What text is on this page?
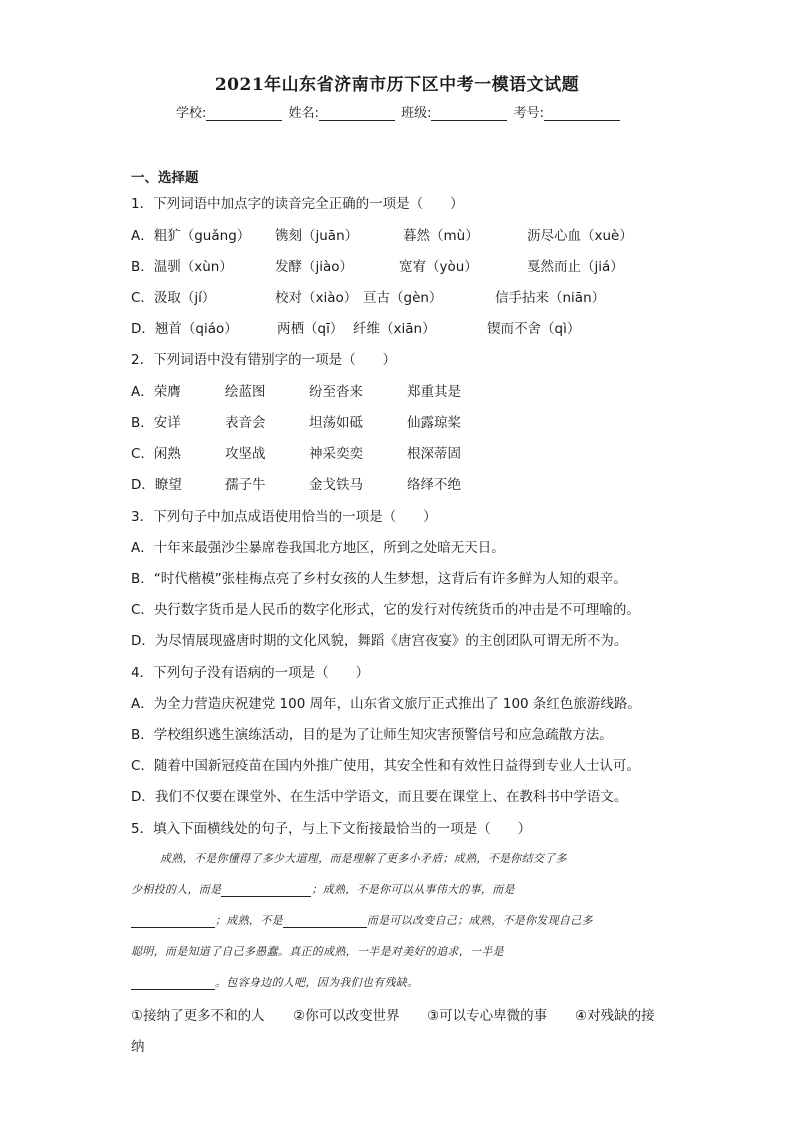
2021年山东省济南市历下区中考一模语文试题
学校:	姓名:	班级:	考号:
一、选择题
1．下列词语中加点字的读音完全正确的一项是（　　）
A．粗犷（guǎng） 镌刻（juān）	暮然（mù）	沥尽心血（xuè）
B．温驯（xùn）	发酵（jiào）	宽宥（yòu）	戛然而止（jiá）
C．汲取（jí）	校对（xiào） 亘古（gèn）	信手拈来（niān）
D．翘首（qiáo）	两栖（qī） 纤维（xiān）	锲而不舍（qì）
2．下列词语中没有错别字的一项是（　　）
A．荣膺	绘蓝图	纷至沓来	郑重其是
B．安详	表音会	坦荡如砥	仙露琼桨
C．闲熟	攻坚战	神采奕奕	根深蒂固
D．瞭望	孺子牛	金戈铁马	络绎不绝
3．下列句子中加点成语使用恰当的一项是（　　）
A．十年来最强沙尘暴席卷我国北方地区，所到之处暗无天日。
B．“时代楷模”张桂梅点亮了乡村女孩的人生梦想，这背后有许多鲜为人知的艰辛。
C．央行数字货币是人民币的数字化形式，它的发行对传统货币的冲击是不可理喻的。
D．为尽情展现盛唐时期的文化风貌，舞蹈《唐宫夜宴》的主创团队可谓无所不为。
4．下列句子没有语病的一项是（　　）
A．为全力营造庆祝建党 100 周年，山东省文旅厅正式推出了 100 条红色旅游线路。
B．学校组织逃生演练活动，目的是为了让师生知灾害预警信号和应急疏散方法。
C．随着中国新冠疫苗在国内外推广使用，其安全性和有效性日益得到专业人士认可。
D．我们不仅要在课堂外、在生活中学语文，而且要在课堂上、在教科书中学语文。
5．填入下面横线处的句子，与上下文衔接最恰当的一项是（　　）
成熟，不是你懂得了多少大道理，而是理解了更多小矛盾；成熟，不是你结交了多
少相投的人，而是	；成熟，不是你可以从事伟大的事，而是
；成熟，不是	而是可以改变自己；成熟，不是你发现自己多
聪明，而是知道了自己多愚蠢。真正的成熟，一半是对美好的追求，一半是
。包容身边的人吧，因为我们也有残缺。
①接纳了更多不和的人 ②你可以改变世界 ③可以专心卑微的事 ④对残缺的接
纳
